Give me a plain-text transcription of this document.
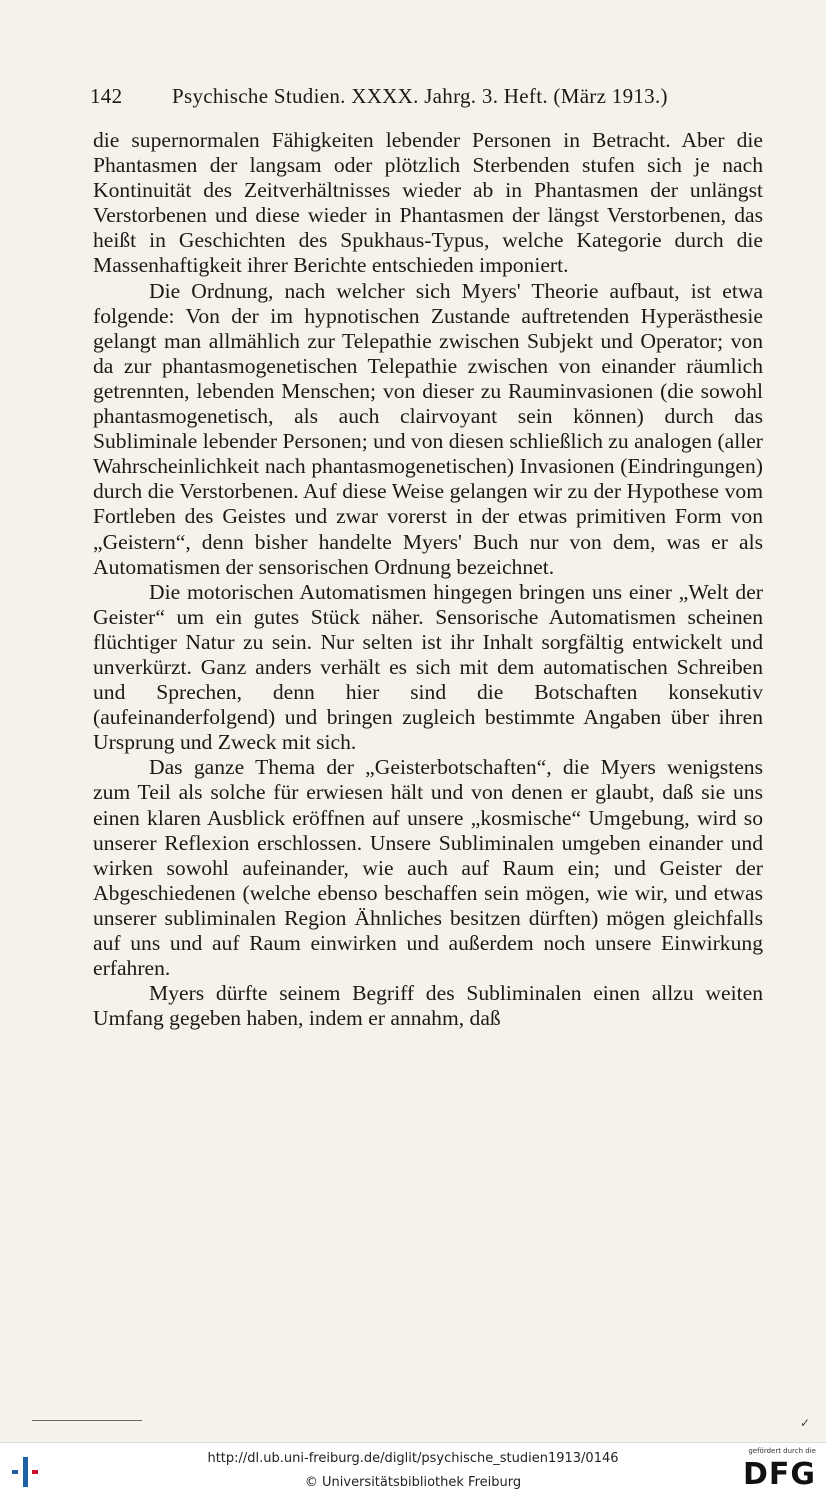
142 Psychische Studien. XXXX. Jahrg. 3. Heft. (März 1913.)

die supernormalen Fähigkeiten lebender Personen in Betracht. Aber die Phantasmen der langsam oder plötzlich Sterbenden stufen sich je nach Kontinuität des Zeitverhältnisses wieder ab in Phantasmen der unlängst Verstorbenen und diese wieder in Phantasmen der längst Verstorbenen, das heißt in Geschichten des Spukhaus-Typus, welche Kategorie durch die Massenhaftigkeit ihrer Berichte entschieden imponiert.

Die Ordnung, nach welcher sich Myers' Theorie aufbaut, ist etwa folgende: Von der im hypnotischen Zustande auftretenden Hyperästhesie gelangt man allmählich zur Telepathie zwischen Subjekt und Operator; von da zur phantasmogenetischen Telepathie zwischen von einander räumlich getrennten, lebenden Menschen; von dieser zu Rauminvasionen (die sowohl phantasmogenetisch, als auch clairvoyant sein können) durch das Subliminale lebender Personen; und von diesen schließlich zu analogen (aller Wahrscheinlichkeit nach phantasmogenetischen) Invasionen (Eindringungen) durch die Verstorbenen. Auf diese Weise gelangen wir zu der Hypothese vom Fortleben des Geistes und zwar vorerst in der etwas primitiven Form von „Geistern“, denn bisher handelte Myers' Buch nur von dem, was er als Automatismen der sensorischen Ordnung bezeichnet.

Die motorischen Automatismen hingegen bringen uns einer „Welt der Geister“ um ein gutes Stück näher. Sensorische Automatismen scheinen flüchtiger Natur zu sein. Nur selten ist ihr Inhalt sorgfältig entwickelt und unverkürzt. Ganz anders verhält es sich mit dem automatischen Schreiben und Sprechen, denn hier sind die Botschaften konsekutiv (aufeinanderfolgend) und bringen zugleich bestimmte Angaben über ihren Ursprung und Zweck mit sich.

Das ganze Thema der „Geisterbotschaften“, die Myers wenigstens zum Teil als solche für erwiesen hält und von denen er glaubt, daß sie uns einen klaren Ausblick eröffnen auf unsere „kosmische“ Umgebung, wird so unserer Reflexion erschlossen. Unsere Subliminalen umgeben einander und wirken sowohl aufeinander, wie auch auf Raum ein; und Geister der Abgeschiedenen (welche ebenso beschaffen sein mögen, wie wir, und etwas unserer subliminalen Region Ähnliches besitzen dürften) mögen gleichfalls auf uns und auf Raum einwirken und außerdem noch unsere Einwirkung erfahren.

Myers dürfte seinem Begriff des Subliminalen einen allzu weiten Umfang gegeben haben, indem er annahm, daß

✓
http://dl.ub.uni-freiburg.de/diglit/psychische_studien1913/0146
© Universitätsbibliothek Freiburg
gefördert durch die
DFG
